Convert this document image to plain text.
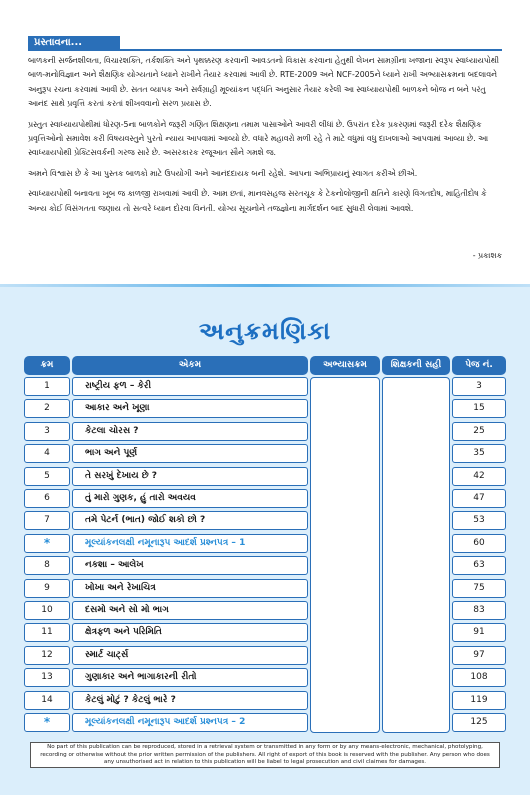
પ્રસ્તાવના...

બાળકની સર્જનશીલતા, વિચારશક્તિ, તર્કશક્તિ અને પૃથક્કરણ કરવાની આવડતનો વિકાસ કરવાના હેતુથી લેખન સામગ્રીના ખજાના સ્વરૂપ સ્વાધ્યાયપોથી બાળ-મનોવિજ્ઞાન અને શૈક્ષણિક યોગ્યતાને ધ્યાને રાખીને તૈયાર કરવામાં આવી છે. RTE-2009 અને NCF-2005ને ધ્યાને રાખી અભ્યાસક્રમના બદલાવને અનુરૂપ રચના કરવામાં આવી છે. સતત વ્યાપક અને સર્વગ્રાહી મૂલ્યાંકન પદ્ધતિ અનુસાર તૈયાર કરેલી આ સ્વાધ્યાયપોથી બાળકને બોજ ન બને પરંતુ આનંદ સાથે પ્રવૃત્તિ કરતાં કરતાં શીખવવાનો સરળ પ્રયાસ છે.

પ્રસ્તુત સ્વાધ્યાયપોથીમાં ધોરણ-5ના બાળકોને જરૂરી ગણિત શિક્ષણના તમામ પાસાઓને આવરી લીધાં છે. ઉપરાંત દરેક પ્રકરણમાં જરૂરી દરેક શૈક્ષણિક પ્રવૃત્તિઓનો સમાવેશ કરી વિષયવસ્તુને પુરતો ન્યાય આપવામાં આવ્યો છે. વધારે મહાવરો મળી રહે તે માટે વધુમાં વધુ દાખલાઓ આપવામાં આવ્યા છે. આ સ્વાધ્યાયપોથી પ્રેક્ટિસવર્કની ગરજ સારે છે. અસરકારક રજૂઆત સૌને ગમશે જ.

અમને વિશ્વાસ છે કે આ પુસ્તક બાળકો માટે ઉપયોગી અને આનંદદાયક બની રહેશે. આપના અભિપ્રાયનું સ્વાગત કરીએ છીએ.

સ્વાધ્યાયપોથી બનાવતા ખૂબ જ કાળજી રાખવામાં આવી છે. આમ છતાં, માનવસહજ સરતચૂક કે ટેકનોલોજીની ક્ષતિને કારણે વિગતદોષ, માહિતીદોષ કે અન્ય કોઈ વિસંગતતા જણાય તો સત્વરે ધ્યાન દોરવા વિનંતી. યોગ્ય સૂચનોને તજજ્ઞોના માર્ગદર્શન બાદ સુધારી લેવામાં આવશે.

- પ્રકાશક
અનુક્રમણિકા
ક્રમ	એકમ	અભ્યાસક્રમ	શિક્ષકની સહી	પેજ નં.
1	રાષ્ટ્રીય ફળ – કેરી	3
2	આકાર અને ખૂણા	15
3	કેટલા ચોરસ ?	25
4	ભાગ અને પૂર્ણ	35
5	તે સરખું દેખાય છે ?	42
6	તું મારો ગુણક, હું તારો અવયવ	47
7	તમે પેટર્ન (ભાત) જોઈ શકો છો ?	53
*	મૂલ્યાંકનલક્ષી નમૂનારૂપ આદર્શ પ્રશ્નપત્ર – 1	60
8	નકશા – આલેખ	63
9	ખોખા અને રેખાચિત્ર	75
10	દસમો અને સો મો ભાગ	83
11	ક્ષેત્રફળ અને પરિમિતિ	91
12	સ્માર્ટ ચાર્ટ્સ	97
13	ગુણાકાર અને ભાગાકારની રીતો	108
14	કેટલું મોટું ? કેટલું ભારે ?	119
*	મૂલ્યાંકનલક્ષી નમૂનારૂપ આદર્શ પ્રશ્નપત્ર – 2	125
No part of this publication can be reproduced, stored in a retrieval system or transmitted in any form or by any means-electronic, mechanical, photolyping, recording or otherwise without the prior written permission of the publishers. All right of export of this book is reserved with the publisher. Any person who does any unsuthorised act in relation to this publication will be liabel to legal prosecution and civil claimes for damages.
